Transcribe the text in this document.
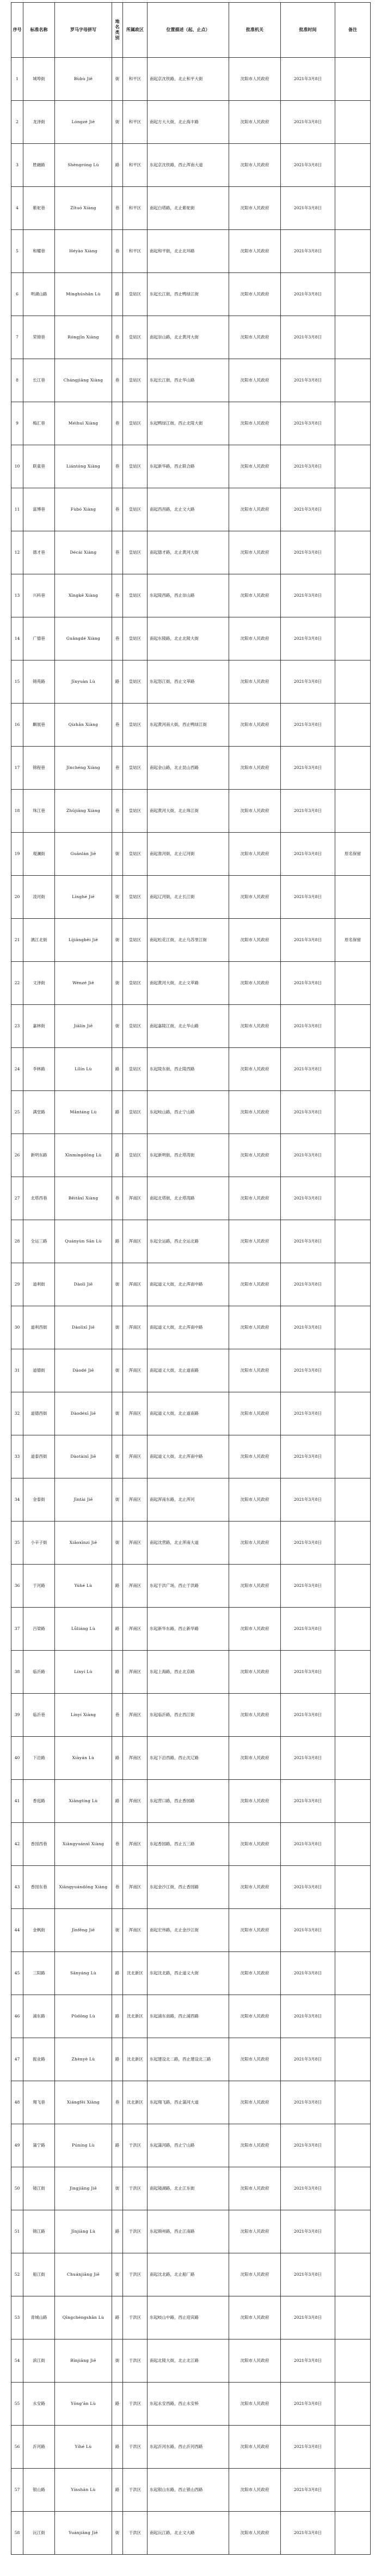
序号	标准名称	罗马字母拼写	地名类别	所属政区	位置描述（起、止点）	批准机关	批准时间	备注
1	城埠街	Bùbù Jiē	街	和平区	南起京沈铁路，北止和平大街	沈阳市人民政府	2021年3月8日	
2	龙泽街	Lóngzé Jiē	街	和平区	南起方大大街，北止海丰路	沈阳市人民政府	2021年3月8日	
3	胜融路	Shèngróng Lù	路	和平区	东起京沈铁路，西止浑南大道	沈阳市人民政府	2021年3月8日	
4	紫驼巷	Zǐtuó Xiàng	巷	和平区	南起白塔路，北止紫驼街	沈阳市人民政府	2021年3月8日	
5	和耀巷	Héyào Xiàng	巷	和平区	南起和平街，北止北环路	沈阳市人民政府	2021年3月8日	
6	明湖山路	Mínghúshān Lù	路	皇姑区	东起长江街，西止鸭绿江街	沈阳市人民政府	2021年3月8日	
7	荣锦巷	Róngjǐn Xiàng	巷	皇姑区	南起崇山路，北止黄河大街	沈阳市人民政府	2021年3月8日	
8	长江巷	Chángjiāng Xiàng	巷	皇姑区	东起长江街，西止华山路	沈阳市人民政府	2021年3月8日	
9	梅汇巷	Méihuì Xiàng	巷	皇姑区	东起鸭绿江街，西止北陵大街	沈阳市人民政府	2021年3月8日	
10	联童巷	Liántóng Xiàng	巷	皇姑区	东起新华路，西止联合路	沈阳市人民政府	2021年3月8日	
11	富博巷	Fùbó Xiàng	巷	皇姑区	南起西昌路，北止文大路	沈阳市人民政府	2021年3月8日	
12	德才巷	Décái Xiàng	巷	皇姑区	南起德才路，北止黄河大街	沈阳市人民政府	2021年3月8日	
13	兴科巷	Xīngkē Xiàng	巷	皇姑区	东起陵西路，西止崇山路	沈阳市人民政府	2021年3月8日	
14	广德巷	Guǎngdé Xiàng	巷	皇姑区	南起东陵路，北止北陵大街	沈阳市人民政府	2021年3月8日	
15	锦苑路	Jǐnyuàn Lù	路	皇姑区	东起怒江街，西止文萃路	沈阳市人民政府	2021年3月8日	
16	麒展巷	Qízhǎn Xiàng	巷	皇姑区	东起黄河南大街，西止鸭绿江街	沈阳市人民政府	2021年3月8日	
17	锦程巷	Jǐnchéng Xiàng	巷	皇姑区	南起金山路，北止昆山西路	沈阳市人民政府	2021年3月8日	
18	珠江巷	Zhūjiāng Xiàng	巷	皇姑区	南起黄河大街，北止珠江街	沈阳市人民政府	2021年3月8日	
19	观澜街	Guānlán Jiē	街	皇姑区	南起淮河街，北止辽河街	沈阳市人民政府	2021年3月8日	原名保留
20	凌河街	Línghé Jiē	街	皇姑区	南起辽河街，北止长江街	沈阳市人民政府	2021年3月8日	
21	漓江北街	Líjiāngběi Jiē	街	皇姑区	南起松花江街，北止乌苏里江街	沈阳市人民政府	2021年3月8日	原名保留
22	文泽街	Wénzé Jiē	街	皇姑区	南起黄河大街，北止文萃路	沈阳市人民政府	2021年3月8日	
23	嘉林街	Jiālín Jiē	街	皇姑区	南起嘉陵江街，北止华山路	沈阳市人民政府	2021年3月8日	
24	李林路	Lǐlín Lù	路	皇姑区	东起陵东街，西止陵西路	沈阳市人民政府	2021年3月8日	
25	满堂路	Mǎntáng Lù	路	皇姑区	东起岐山路，西止宁山路	沈阳市人民政府	2021年3月8日	
26	新明东路	Xīnmíngdōng Lù	路	皇姑区	东起新明街，西止塔湾街	沈阳市人民政府	2021年3月8日	
27	北塔西巷	Běitǎxī Xiàng	巷	浑南区	南起北塔街，北止塔湾路	沈阳市人民政府	2021年3月8日	
28	全运三路	Quányùn Sān Lù	路	浑南区	东起全运路，西止全运北路	沈阳市人民政府	2021年3月8日	
29	道利街	Dàolì Jiē	街	浑南区	南起道义大街，北止浑南中路	沈阳市人民政府	2021年3月8日	
30	道利西街	Dàolìxī Jiē	街	浑南区	南起道义大街，北止浑南中路	沈阳市人民政府	2021年3月8日	
31	道德街	Dàodé Jiē	街	浑南区	南起道义大街，北止道南路	沈阳市人民政府	2021年3月8日	
32	道德西街	Dàodéxī Jiē	街	浑南区	南起道义大街，北止道南路	沈阳市人民政府	2021年3月8日	
33	道泰西街	Dàotàixī Jiē	街	浑南区	南起道义大街，北止浑南中路	沈阳市人民政府	2021年3月8日	
34	金泰街	Jīntài Jiē	街	浑南区	南起浑南东路，北止浑河	沈阳市人民政府	2021年3月8日	
35	小辛子街	Xiǎoxīnzi Jiē	街	浑南区	南起沈营路，北止浑南大道	沈阳市人民政府	2021年3月8日	
36	于河路	Yúhé Lù	路	浑南区	东起于洪广场，西止于洪路	沈阳市人民政府	2021年3月8日	
37	吕梁路	Lǚliáng Lù	路	浑南区	东起新华东路，西止新华路	沈阳市人民政府	2021年3月8日	
38	临沂路	Línyí Lù	路	浑南区	东起上海路，西止北京路	沈阳市人民政府	2021年3月8日	
39	临沂巷	Línyí Xiàng	巷	浑南区	东起临沂路，西止西江街	沈阳市人民政府	2021年3月8日	
40	下沿路	Xiàyán Lù	路	浑南区	东起下沿西路，西止沈辽路	沈阳市人民政府	2021年3月8日	
41	香庭路	Xiāngtíng Lù	路	浑南区	东起营口路，西止香园路	沈阳市人民政府	2021年3月8日	
42	香园西巷	Xiāngyuánxī Xiàng	巷	浑南区	东起香园路，西止五三路	沈阳市人民政府	2021年3月8日	
43	香园东巷	Xiāngyuándōng Xiàng	巷	浑南区	东起金沙江街，西止香园路	沈阳市人民政府	2021年3月8日	
44	金枫街	Jīnfēng Jiē	街	浑南区	南起宏伟路，北止金沙江街	沈阳市人民政府	2021年3月8日	
45	三阳路	Sānyáng Lù	路	沈北新区	东起沈北路，西止道义大街	沈阳市人民政府	2021年3月8日	
46	浦东路	Pǔdōng Lù	路	沈北新区	东起浦东南路，西止浦西路	沈阳市人民政府	2021年3月8日	
47	振业路	Zhènyè Lù	路	沈北新区	东起建设北二路，西止建设北三路	沈阳市人民政府	2021年3月8日	
48	翔飞巷	Xiángfēi Xiàng	巷	沈北新区	东起翔飞路，西止蒲河大道	沈阳市人民政府	2021年3月8日	
49	蒲宁路	Púníng Lù	路	于洪区	东起蒲河路，西止宁山路	沈阳市人民政府	2021年3月8日	
50	镜江街	Jìngjiāng Jiē	街	于洪区	南起镜湖路，北止江东街	沈阳市人民政府	2021年3月8日	
51	锦江路	Jǐnjiāng Lù	路	于洪区	东起锦州路，西止江南路	沈阳市人民政府	2021年3月8日	
52	船江街	Chuánjiāng Jiē	街	于洪区	南起沈北路，北止船厂路	沈阳市人民政府	2021年3月8日	
53	青城山路	Qīngchéngshān Lù	路	于洪区	东起岐山中路，西止迎宾路	沈阳市人民政府	2021年3月8日	
54	滨江街	Bīnjiāng Jiē	街	于洪区	南起北陵大街，北止北江路	沈阳市人民政府	2021年3月8日	
55	永安路	Yǒng'ān Lù	路	于洪区	东起永安西路，西止永安桥	沈阳市人民政府	2021年3月8日	
56	沂河路	Yíhé Lù	路	于洪区	东起沂河东路，西止沂河西路	沈阳市人民政府	2021年3月8日	
57	银山路	Yínshān Lù	路	于洪区	东起银山东路，西止银山西路	沈阳市人民政府	2021年3月8日	
58	沅江街	Yuánjiāng Jiē	街	于洪区	南起沅江路，北止文大路	沈阳市人民政府	2021年3月8日	
